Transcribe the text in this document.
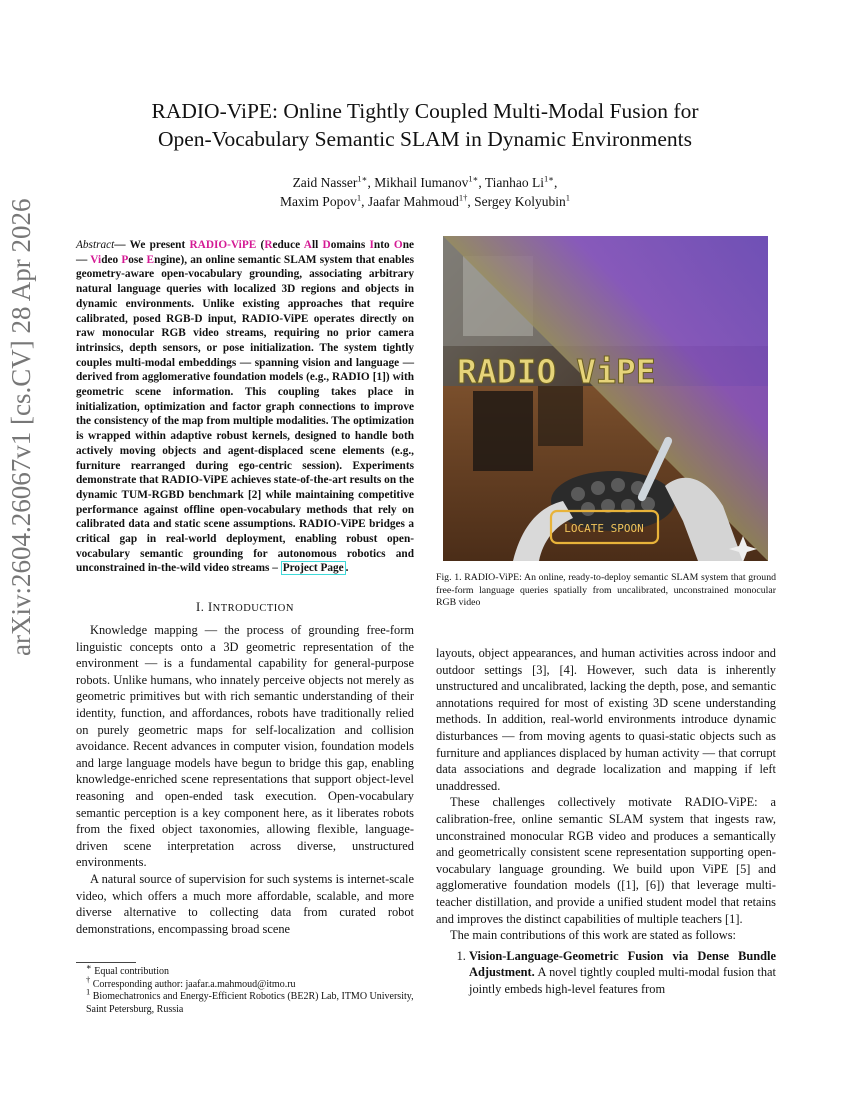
arXiv:2604.26067v1 [cs.CV] 28 Apr 2026
RADIO-ViPE: Online Tightly Coupled Multi-Modal Fusion for
Open-Vocabulary Semantic SLAM in Dynamic Environments
Zaid Nasser$^{1∗}$, Mikhail Iumanov$^{1∗}$, Tianhao $Li^{1∗}$,
Maxim Popov$^1$, Jaafar Mahmoud$^{1\dagger}$, Sergey Kolyubin$^1$
Abstract— We present RADIO-ViPE (Reduce All Domains Into One — Video Pose Engine), an online semantic SLAM system that enables geometry-aware open-vocabulary grounding, associating arbitrary natural language queries with localized 3D regions and objects in dynamic environments. Unlike existing approaches that require calibrated, posed RGB-D input, RADIO-ViPE operates directly on raw monocular RGB video streams, requiring no prior camera intrinsics, depth sensors, or pose initialization. The system tightly couples multi-modal embeddings — spanning vision and language — derived from agglomerative foundation models (e.g., RADIO [1]) with geometric scene information. This coupling takes place in initialization, optimization and factor graph connections to improve the consistency of the map from multiple modalities. The optimization is wrapped within adaptive robust kernels, designed to handle both actively moving objects and agent-displaced scene elements (e.g., furniture rearranged during ego-centric session). Experiments demonstrate that RADIO-ViPE achieves state-of-the-art results on the dynamic TUM-RGBD benchmark [2] while maintaining competitive performance against offline open-vocabulary methods that rely on calibrated data and static scene assumptions. RADIO-ViPE bridges a critical gap in real-world deployment, enabling robust open-vocabulary semantic grounding for autonomous robotics and unconstrained in-the-wild video streams – Project Page .
I. INTRODUCTION

Knowledge mapping — the process of grounding free-form linguistic concepts onto a 3D geometric representation of the environment — is a fundamental capability for general-purpose robots. Unlike humans, who innately perceive objects not merely as geometric primitives but with rich semantic understanding of their identity, function, and affordances, robots have traditionally relied on purely geometric maps for self-localization and collision avoidance. Recent advances in computer vision, foundation models and large language models have begun to bridge this gap, enabling knowledge-enriched scene representations that support object-level reasoning and open-ended task execution. Open-vocabulary semantic perception is a key component here, as it liberates robots from the fixed object taxonomies, allowing flexible, language-driven scene interpretation across diverse, unstructured environments.

A natural source of supervision for such systems is internet-scale video, which offers a much more affordable, scalable, and more diverse alternative to collecting data from curated robot demonstrations, encompassing broad scene

∗ Equal contribution
† Corresponding author: jaafar.a.mahmoud@itmo.ru
$^1$ Biomechatronics and Energy-Efficient Robotics (BE2R) Lab, ITMO University, Saint Petersburg, Russia
RADIO ViPE
LOCATE SPOON
Fig. 1. RADIO-ViPE: An online, ready-to-deploy semantic SLAM system that ground free-form language queries spatially from uncalibrated, unconstrained monocular RGB video

layouts, object appearances, and human activities across indoor and outdoor settings [3], [4]. However, such data is inherently unstructured and uncalibrated, lacking the depth, pose, and semantic annotations required for most of existing 3D scene understanding methods. In addition, real-world environments introduce dynamic disturbances — from moving agents to quasi-static objects such as furniture and appliances displaced by human activity — that corrupt data associations and degrade localization and mapping if left unaddressed.

These challenges collectively motivate RADIO-ViPE: a calibration-free, online semantic SLAM system that ingests raw, unconstrained monocular RGB video and produces a semantically and geometrically consistent scene representation supporting open-vocabulary language grounding. We build upon ViPE [5] and agglomerative foundation models ([1], [6]) that leverage multi-teacher distillation, and provide a unified student model that retains and improves the distinct capabilities of multiple teachers [1].

The main contributions of this work are stated as follows:

1. Vision-Language-Geometric Fusion via Dense Bundle Adjustment. A novel tightly coupled multi-modal fusion that jointly embeds high-level features from
